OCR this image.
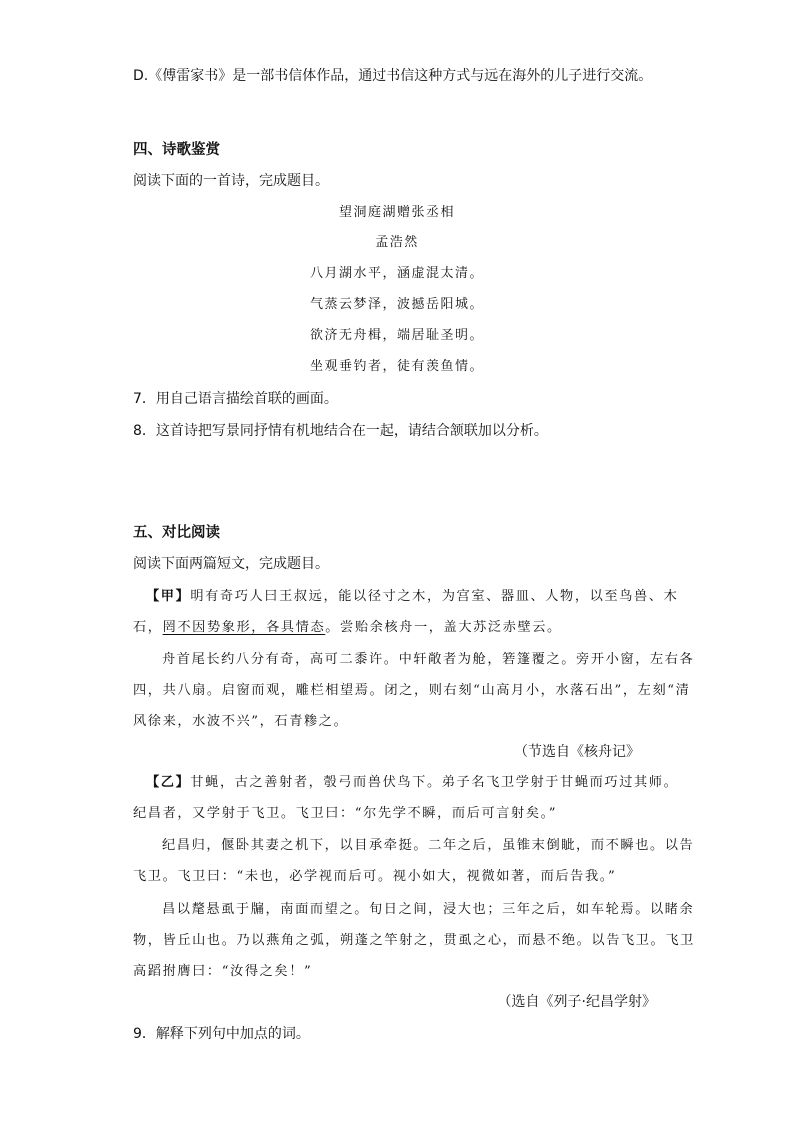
D.《傅雷家书》是一部书信体作品，通过书信这种方式与远在海外的儿子进行交流。
四、诗歌鉴赏
阅读下面的一首诗，完成题目。
望洞庭湖赠张丞相
孟浩然
八月湖水平，涵虚混太清。
气蒸云梦泽，波撼岳阳城。
欲济无舟楫，端居耻圣明。
坐观垂钓者，徒有羡鱼情。
7．用自己语言描绘首联的画面。
8．这首诗把写景同抒情有机地结合在一起，请结合颔联加以分析。
五、对比阅读
阅读下面两篇短文，完成题目。
【甲】明有奇巧人曰王叔远，能以径寸之木，为宫室、器皿、人物，以至鸟兽、木
石，罔不因势象形，各具情态。尝贻余核舟一，盖大苏泛赤壁云。
舟首尾长约八分有奇，高可二黍许。中轩敞者为舱，箬篷覆之。旁开小窗，左右各
四，共八扇。启窗而观，雕栏相望焉。闭之，则右刻“山高月小，水落石出”，左刻“清
风徐来，水波不兴”，石青糁之。
（节选自《核舟记》
【乙】甘蝇，古之善射者，彀弓而兽伏鸟下。弟子名飞卫学射于甘蝇而巧过其师。
纪昌者，又学射于飞卫。飞卫曰：“尔先学不瞬，而后可言射矣。”
纪昌归，偃卧其妻之机下，以目承牵挺。二年之后，虽锥末倒眦，而不瞬也。以告
飞卫。飞卫曰：“未也，必学视而后可。视小如大，视微如著，而后告我。”
昌以氂悬虱于牖，南面而望之。旬日之间，浸大也；三年之后，如车轮焉。以睹余
物，皆丘山也。乃以燕角之弧，朔蓬之竿射之，贯虱之心，而悬不绝。以告飞卫。飞卫
高蹈拊膺曰：“汝得之矣！”
（选自《列子·纪昌学射》
9．解释下列句中加点的词。
